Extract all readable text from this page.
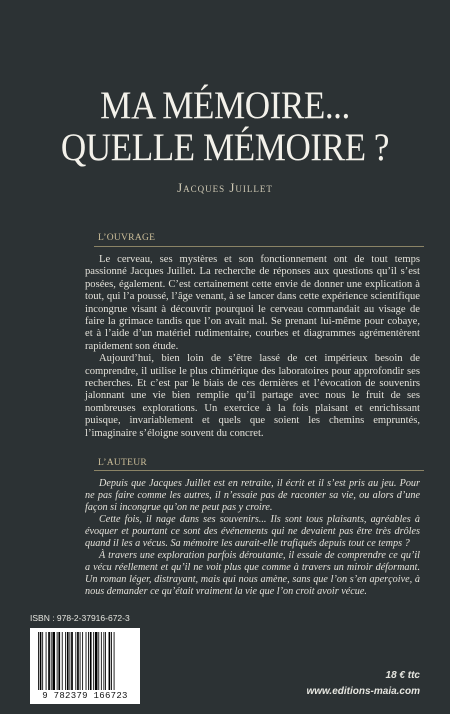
MA MÉMOIRE...
QUELLE MÉMOIRE ?
Jacques Juillet
L’OUVRAGE

Le cerveau, ses mystères et son fonctionnement ont de tout temps passionné Jacques Juillet. La recherche de réponses aux questions qu’il s’est posées, également. C’est certainement cette envie de donner une explication à tout, qui l’a poussé, l’âge venant, à se lancer dans cette expérience scientifique incongrue visant à découvrir pourquoi le cerveau commandait au visage de faire la grimace tandis que l’on avait mal. Se prenant lui-même pour cobaye, et à l’aide d’un matériel rudimentaire, courbes et diagrammes agrémentèrent rapidement son étude.

Aujourd’hui, bien loin de s’être lassé de cet impérieux besoin de comprendre, il utilise le plus chimérique des laboratoires pour approfondir ses recherches. Et c’est par le biais de ces dernières et l’évocation de souvenirs jalonnant une vie bien remplie qu’il partage avec nous le fruit de ses nombreuses explorations. Un exercice à la fois plaisant et enrichissant puisque, invariablement et quels que soient les chemins empruntés, l’imaginaire s’éloigne souvent du concret.

L’AUTEUR

Depuis que Jacques Juillet est en retraite, il écrit et il s’est pris au jeu. Pour ne pas faire comme les autres, il n’essaie pas de raconter sa vie, ou alors d’une façon si incongrue qu’on ne peut pas y croire.

Cette fois, il nage dans ses souvenirs... Ils sont tous plaisants, agréables à évoquer et pourtant ce sont des événements qui ne devaient pas être très drôles quand il les a vécus. Sa mémoire les aurait-elle trafiqués depuis tout ce temps ?

À travers une exploration parfois déroutante, il essaie de comprendre ce qu’il a vécu réellement et qu’il ne voit plus que comme à travers un miroir déformant. Un roman léger, distrayant, mais qui nous amène, sans que l’on s’en aperçoive, à nous demander ce qu’était vraiment la vie que l’on croit avoir vécue.

ISBN : 978-2-37916-672-3
9 782379 166723
18 € ttc
www.editions-maia.com
